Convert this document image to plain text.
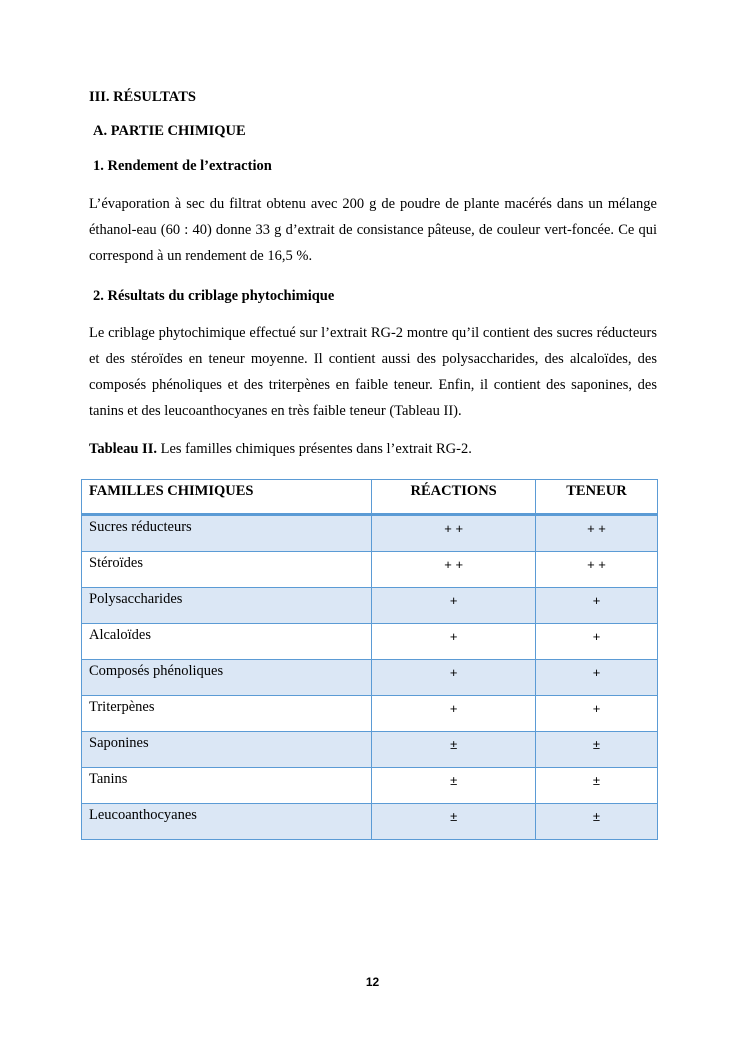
III. RÉSULTATS
A. PARTIE CHIMIQUE
1. Rendement de l’extraction
L’évaporation à sec du filtrat obtenu avec 200 g de poudre de plante macérés dans un mélange éthanol-eau (60 : 40) donne 33 g d’extrait de consistance pâteuse, de couleur vert-foncée. Ce qui correspond à un rendement de 16,5 %.
2. Résultats du criblage phytochimique
Le criblage phytochimique effectué sur l’extrait RG-2 montre qu’il contient des sucres réducteurs et des stéroïdes en teneur moyenne. Il contient aussi des polysaccharides, des alcaloïdes, des composés phénoliques et des triterpènes en faible teneur. Enfin, il contient des saponines, des tanins et des leucoanthocyanes en très faible teneur (Tableau II).
Tableau II. Les familles chimiques présentes dans l’extrait RG-2.
FAMILLES CHIMIQUES	RÉACTIONS	TENEUR
Sucres réducteurs	+ +	+ +
Stéroïdes	+ +	+ +
Polysaccharides	+	+
Alcaloïdes	+	+
Composés phénoliques	+	+
Triterpènes	+	+
Saponines	±	±
Tanins	±	±
Leucoanthocyanes	±	±
12
